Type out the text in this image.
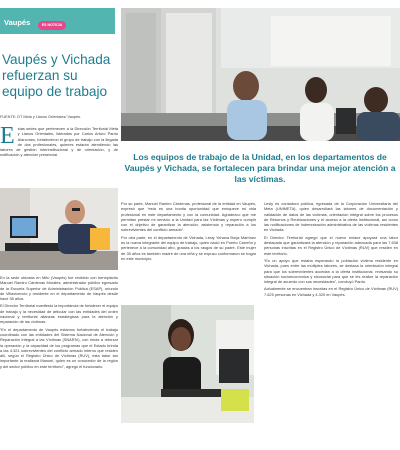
Vaupés	ES NOTICIA
Vaupés y Vichada refuerzan su equipo de trabajo
FUENTE: DT Meta y Llanos Orientales/ Vaupés.
Estas sedes que pertenecen a la Dirección Territorial Meta y Llanos Orientales, liderados por Carlos Arturo Pardo Alarcones, fortalecieron el grupo de trabajo con la llegada de dos profesionales, quienes estarán atendiendo las labores de gestión interinstitucional y de orientación, y de notificación y atención presencial.	Los equipos de trabajo de la Unidad, en los departamentos de Vaupés y Vichada, se fortalecen para brindar una mejor atención a las víctimas.

En la sede ubicada en Mitú (Vaupés) fue recibido con beneplácito Manuel Ramiro Cárdenas Morales, administrador público egresado de la Escuela Superior de Administración Pública (ESAP), oriundo de Villavicencio y residente en el departamento de Vaupés desde hace 35 años.

El Director Territorial manifestó la importancia de fortalecer el equipo de trabajo y la necesidad de articular con las entidades del orden nacional y territorial alianzas estratégicas para la atención y reparación de las víctimas.

“En el departamento de Vaupés estamos fortaleciendo el trabajo coordinado con las entidades del Sistema Nacional de Atención y Reparación Integral a las Víctimas (SNARIV), con miras a reforzar la operación y la capacidad de los programas que el Estado brinda a las 4.321 sobrevivientes del conflicto armado interno que residen allí, según el Registro Único de Víctimas (RUV), esta labor tan importante la realizará Manuel, quien es un conocedor de la región y del sector público en este territorio”, agregó el funcionario.

Por su parte, Manuel Ramiro Cárdenas, profesional de la entidad en Vaupés, expresó que “esta es una bonita oportunidad que enriquece mi vida profesional en este departamento y con la comunidad. Agradezco que me permitan prestar mi servicio a la Unidad para las Víctimas y espero cumplir con el objetivo de garantizar la atención, asistencia y reparación a los sobrevivientes del conflicto armado”.

Por otra parte, en el departamento de Vichada, Lesly Yohana Borja Martínez es la nueva integrante del equipo de trabajo, quien nació en Puerto Carreño y pertenece a la comunidad afro, gracias a los rasgos de su padre. Este mujer de 35 años es también madre de una niña y se expuso conformaron se hogar en este municipio.

Lesly es contadora pública, egresada de la Corporación Universitaria del Meta (UNIMETA), quien desarrollará las labores de documentación y validación de datos de las víctimas, orientación integral sobre los procesos de Retornos y Reubicaciones y el acceso a la oferta institucional, así como las notificaciones de indemnización administrativa de las víctimas residentes en Vichada.

El Director Territorial agregó que el nuevo enlace apoyará una labor destacada que garantizará la atención y reparación adecuada para las 7.638 personas inscritas en el Registro Único de Víctimas (RUV) que residen en este territorio.

“Es un apoyo que estaba esperando la población víctima residente en Vichada, pues entre las múltiples labores, se destaca la orientación integral para que los sobrevivientes accedan a la oferta institucional, revisando su situación socioeconómica y sicosocial para que se les realice la reparación integral de acuerdo con sus necesidades”, concluyó Pardo.

Actualmente se encuentran inscritas en el Registro Único de Víctimas (RUV) 7.625 personas en Vichada y 4.320 en Vaupés.
